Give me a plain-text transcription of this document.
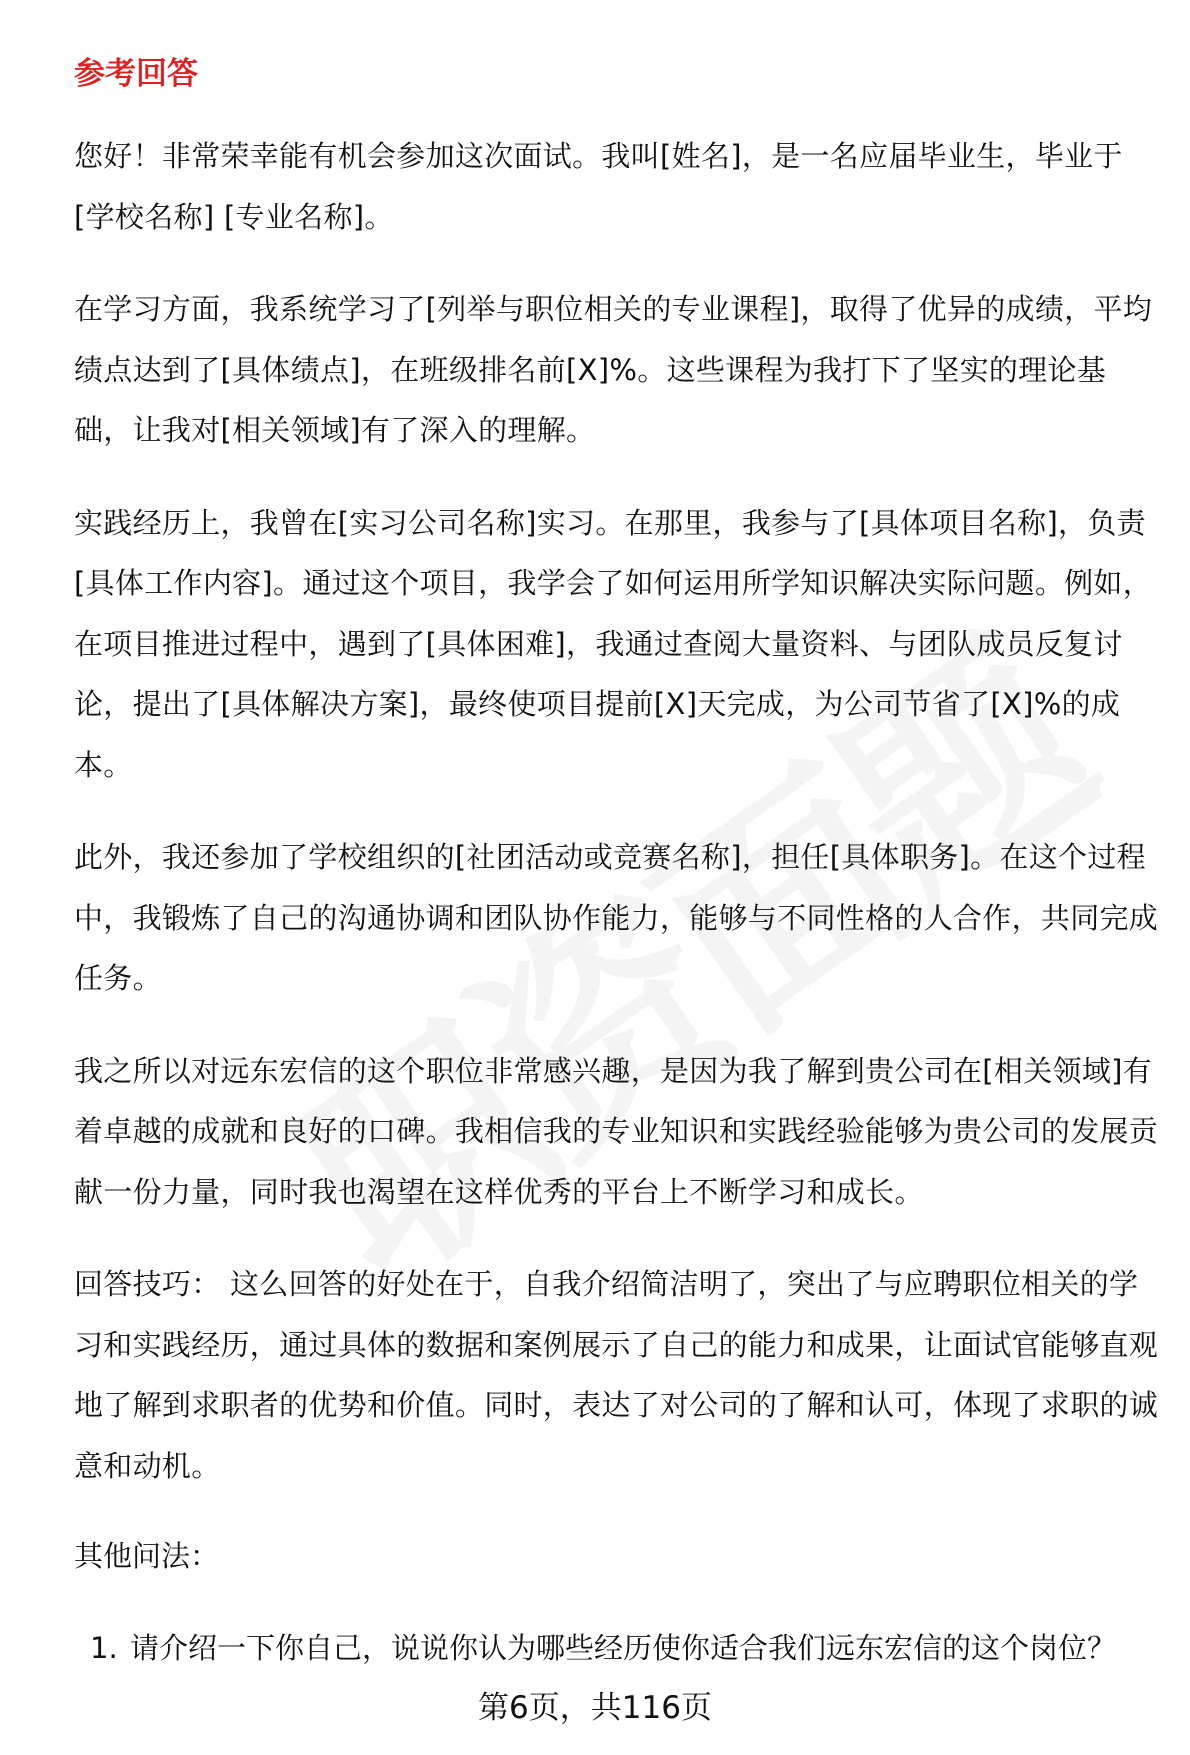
参考回答

您好！非常荣幸能有机会参加这次面试。我叫[姓名]，是一名应届毕业生，毕业于[学校名称] [专业名称]。

在学习方面，我系统学习了[列举与职位相关的专业课程]，取得了优异的成绩，平均绩点达到了[具体绩点]，在班级排名前[X]%。这些课程为我打下了坚实的理论基础，让我对[相关领域]有了深入的理解。

实践经历上，我曾在[实习公司名称]实习。在那里，我参与了[具体项目名称]，负责[具体工作内容]。通过这个项目，我学会了如何运用所学知识解决实际问题。例如，在项目推进过程中，遇到了[具体困难]，我通过查阅大量资料、与团队成员反复讨论，提出了[具体解决方案]，最终使项目提前[X]天完成，为公司节省了[X]%的成本。

此外，我还参加了学校组织的[社团活动或竞赛名称]，担任[具体职务]。在这个过程中，我锻炼了自己的沟通协调和团队协作能力，能够与不同性格的人合作，共同完成任务。

我之所以对远东宏信的这个职位非常感兴趣，是因为我了解到贵公司在[相关领域]有着卓越的成就和良好的口碑。我相信我的专业知识和实践经验能够为贵公司的发展贡献一份力量，同时我也渴望在这样优秀的平台上不断学习和成长。

回答技巧： 这么回答的好处在于，自我介绍简洁明了，突出了与应聘职位相关的学习和实践经历，通过具体的数据和案例展示了自己的能力和成果，让面试官能够直观地了解到求职者的优势和价值。同时，表达了对公司的了解和认可，体现了求职的诚意和动机。

其他问法：
1. 请介绍一下你自己，说说你认为哪些经历使你适合我们远东宏信的这个岗位？
第6页，共116页
